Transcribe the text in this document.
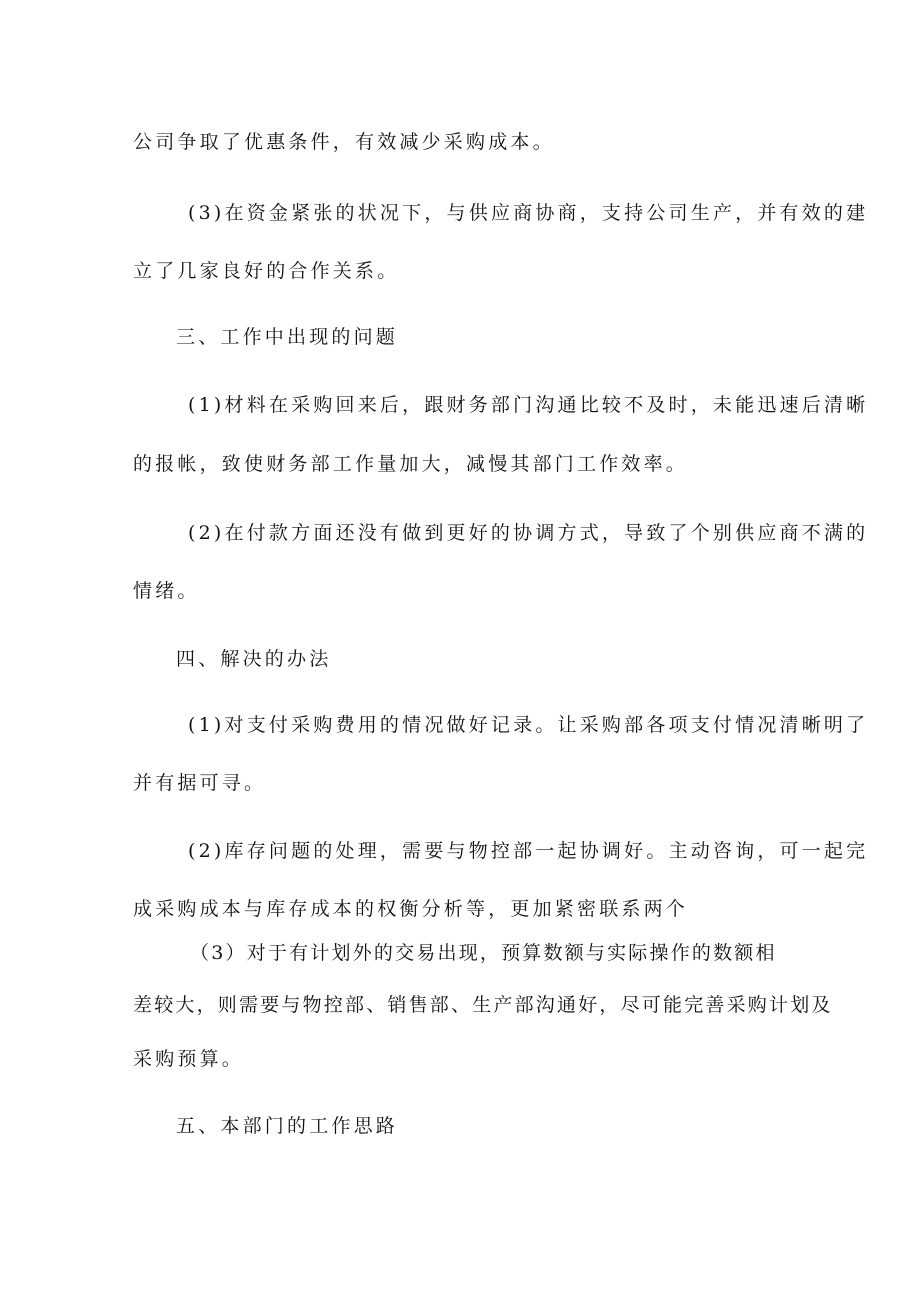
公司争取了优惠条件，有效减少采购成本。
(3)在资金紧张的状况下，与供应商协商，支持公司生产，并有效的建
立了几家良好的合作关系。
三、工作中出现的问题
(1)材料在采购回来后，跟财务部门沟通比较不及时，未能迅速后清晰
的报帐，致使财务部工作量加大，减慢其部门工作效率。
(2)在付款方面还没有做到更好的协调方式，导致了个别供应商不满的
情绪。
四、解决的办法
(1)对支付采购费用的情况做好记录。让采购部各项支付情况清晰明了
并有据可寻。
(2)库存问题的处理，需要与物控部一起协调好。主动咨询，可一起完
成采购成本与库存成本的权衡分析等，更加紧密联系两个
（3）对于有计划外的交易出现，预算数额与实际操作的数额相
差较大，则需要与物控部、销售部、生产部沟通好，尽可能完善采购计划及
采购预算。
五、本部门的工作思路
